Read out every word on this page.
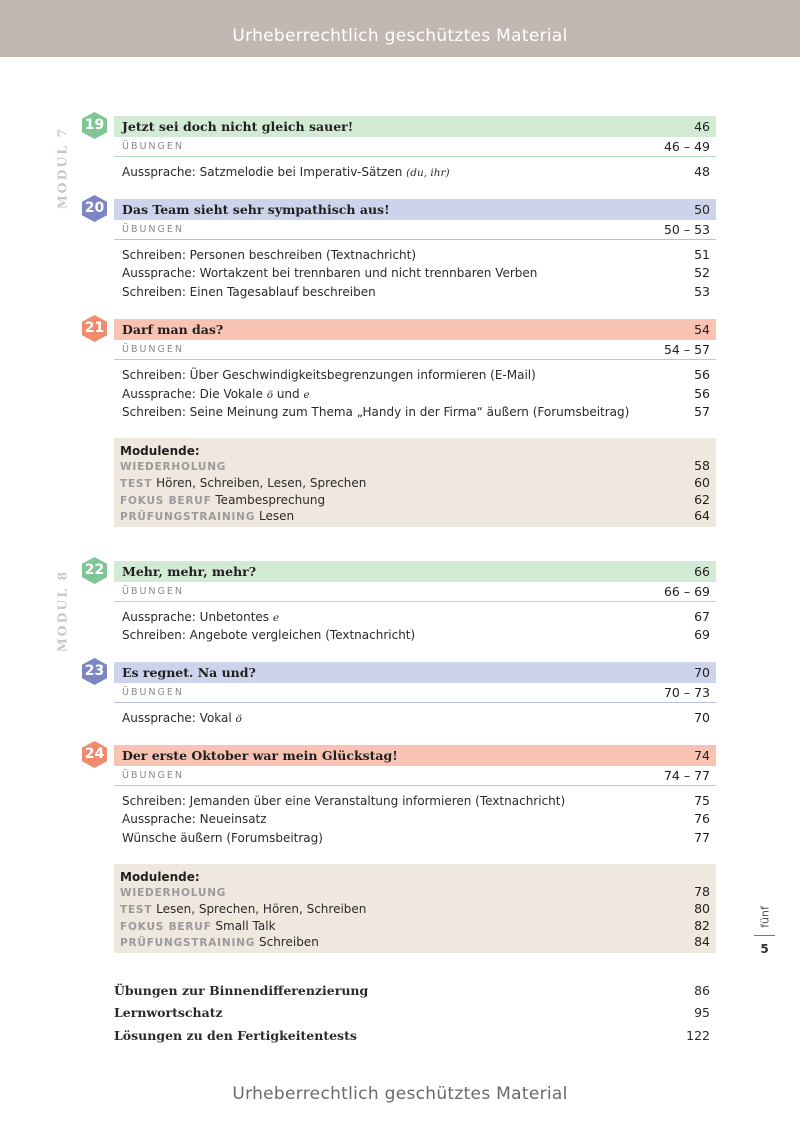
Urheberrechtlich geschütztes Material
MODUL 7
MODUL 8
19 Jetzt sei doch nicht gleich sauer!	46
ÜBUNGEN	46 – 49
Aussprache: Satzmelodie bei Imperativ-Sätzen (du, ihr)	48
20 Das Team sieht sehr sympathisch aus!	50
ÜBUNGEN	50 – 53
Schreiben: Personen beschreiben (Textnachricht)	51
Aussprache: Wortakzent bei trennbaren und nicht trennbaren Verben	52
Schreiben: Einen Tagesablauf beschreiben	53
21 Darf man das?	54
ÜBUNGEN	54 – 57
Schreiben: Über Geschwindigkeitsbegrenzungen informieren (E-Mail)	56
Aussprache: Die Vokale ö und e	56
Schreiben: Seine Meinung zum Thema „Handy in der Firma“ äußern (Forumsbeitrag)	57
Modulende:
WIEDERHOLUNG	58
TEST Hören, Schreiben, Lesen, Sprechen	60
FOKUS BERUF Teambesprechung	62
PRÜFUNGSTRAINING Lesen	64
22 Mehr, mehr, mehr?	66
ÜBUNGEN	66 – 69
Aussprache: Unbetontes e	67
Schreiben: Angebote vergleichen (Textnachricht)	69
23 Es regnet. Na und?	70
ÜBUNGEN	70 – 73
Aussprache: Vokal ö	70
24 Der erste Oktober war mein Glückstag!	74
ÜBUNGEN	74 – 77
Schreiben: Jemanden über eine Veranstaltung informieren (Textnachricht)	75
Aussprache: Neueinsatz	76
Wünsche äußern (Forumsbeitrag)	77
Modulende:
WIEDERHOLUNG	78
TEST Lesen, Sprechen, Hören, Schreiben	80
FOKUS BERUF Small Talk	82
PRÜFUNGSTRAINING Schreiben	84
Übungen zur Binnendifferenzierung	86
Lernwortschatz	95
Lösungen zu den Fertigkeitentests	122
fünf
5
Urheberrechtlich geschütztes Material
